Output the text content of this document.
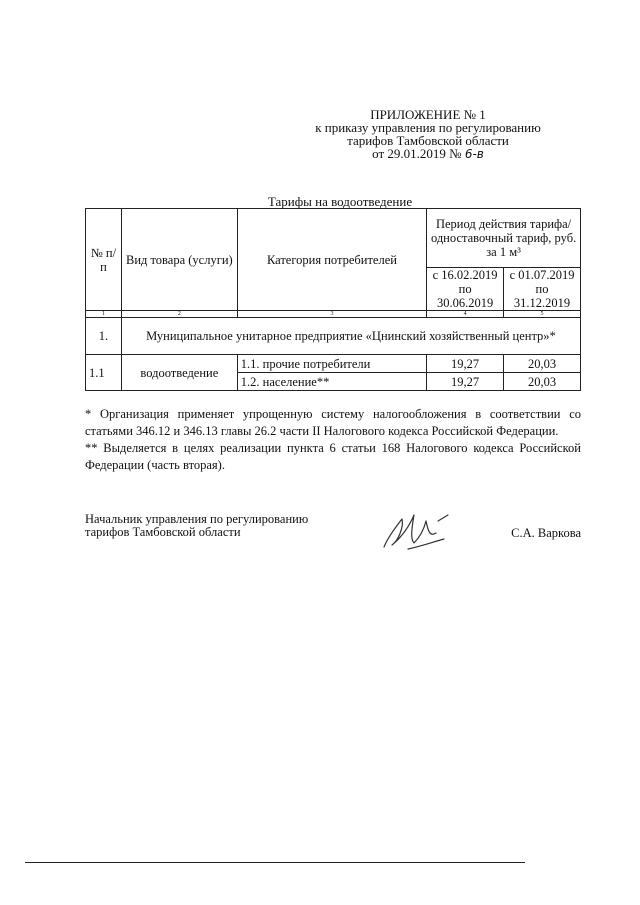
ПРИЛОЖЕНИЕ № 1
к приказу управления по регулированию
тарифов Тамбовской области
от 29.01.2019 № 6-в
Тарифы на водоотведение
№ п/п	Вид товара (услуги)	Категория потребителей	Период действия тарифа/одноставочный тариф, руб. за 1 м³	
			с 16.02.2019 по 30.06.2019	с 01.07.2019 по 31.12.2019
1	2	3	4	5
1.	Муниципальное унитарное предприятие «Цнинский хозяйственный центр»*			
1.1	водоотведение	1.1. прочие потребители	19,27	20,03
		1.2. население**	19,27	20,03

* Организация применяет упрощенную систему налогообложения в соответствии со статьями 346.12 и 346.13 главы 26.2 части II Налогового кодекса Российской Федерации.

** Выделяется в целях реализации пункта 6 статьи 168 Налогового кодекса Российской Федерации (часть вторая).

Начальник управления по регулированию тарифов Тамбовской области	С.А. Варкова
